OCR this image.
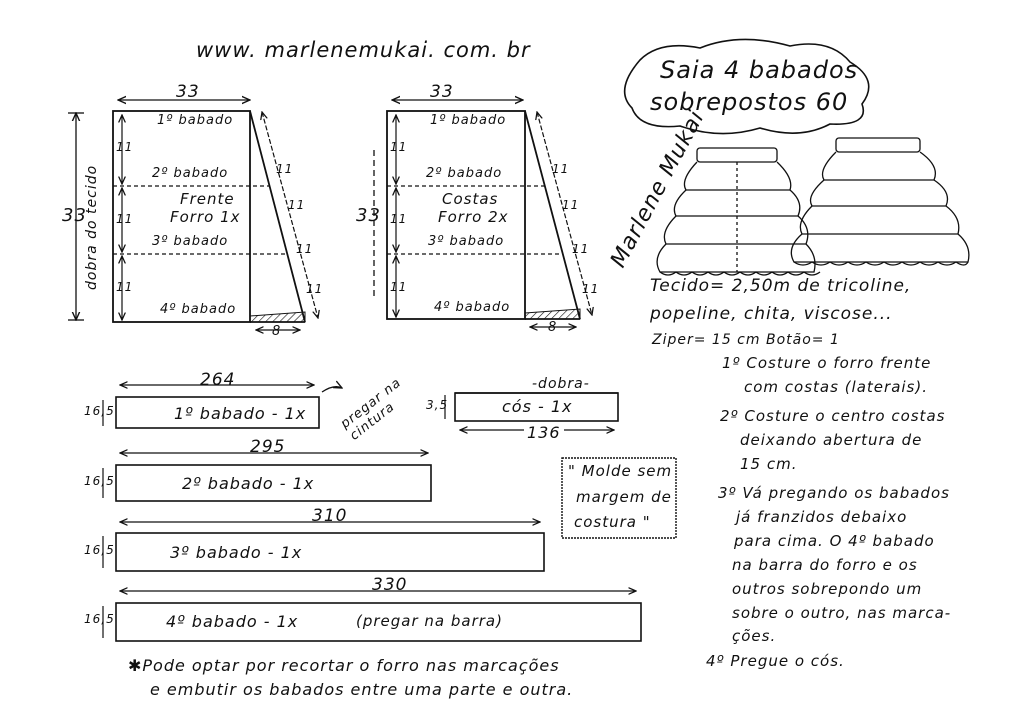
www. marlenemukai. com. br
Saia 4 babados
sobrepostos 60
Marlene Mukai
33
33
dobra do tecido
1º babado
2º babado
3º babado
4º babado
Frente
Forro 1x
11
11
11
11
11
11
11
8
33
33
1º babado
2º babado
3º babado
4º babado
Costas
Forro 2x
11
11
11
11
11
11
11
8
264
16,5	1º babado - 1x pregar na cintura
295
16,5	2º babado - 1x
310
16,5	3º babado - 1x
330
16,5	4º babado - 1x	(pregar na barra)
-dobra-
3,5	cós - 1x
136
" Molde sem
margem de
costura "
Tecido= 2,50m de tricoline,
popeline, chita, viscose...
Ziper= 15 cm Botão= 1
1º Costure o forro frente
com costas (laterais).
2º Costure o centro costas
deixando abertura de
15 cm.
3º Vá pregando os babados
já franzidos debaixo
para cima. O 4º babado
na barra do forro e os
outros sobrepondo um
sobre o outro, nas marca-
ções.
4º Pregue o cós.
✱Pode optar por recortar o forro nas marcações
e embutir os babados entre uma parte e outra.
